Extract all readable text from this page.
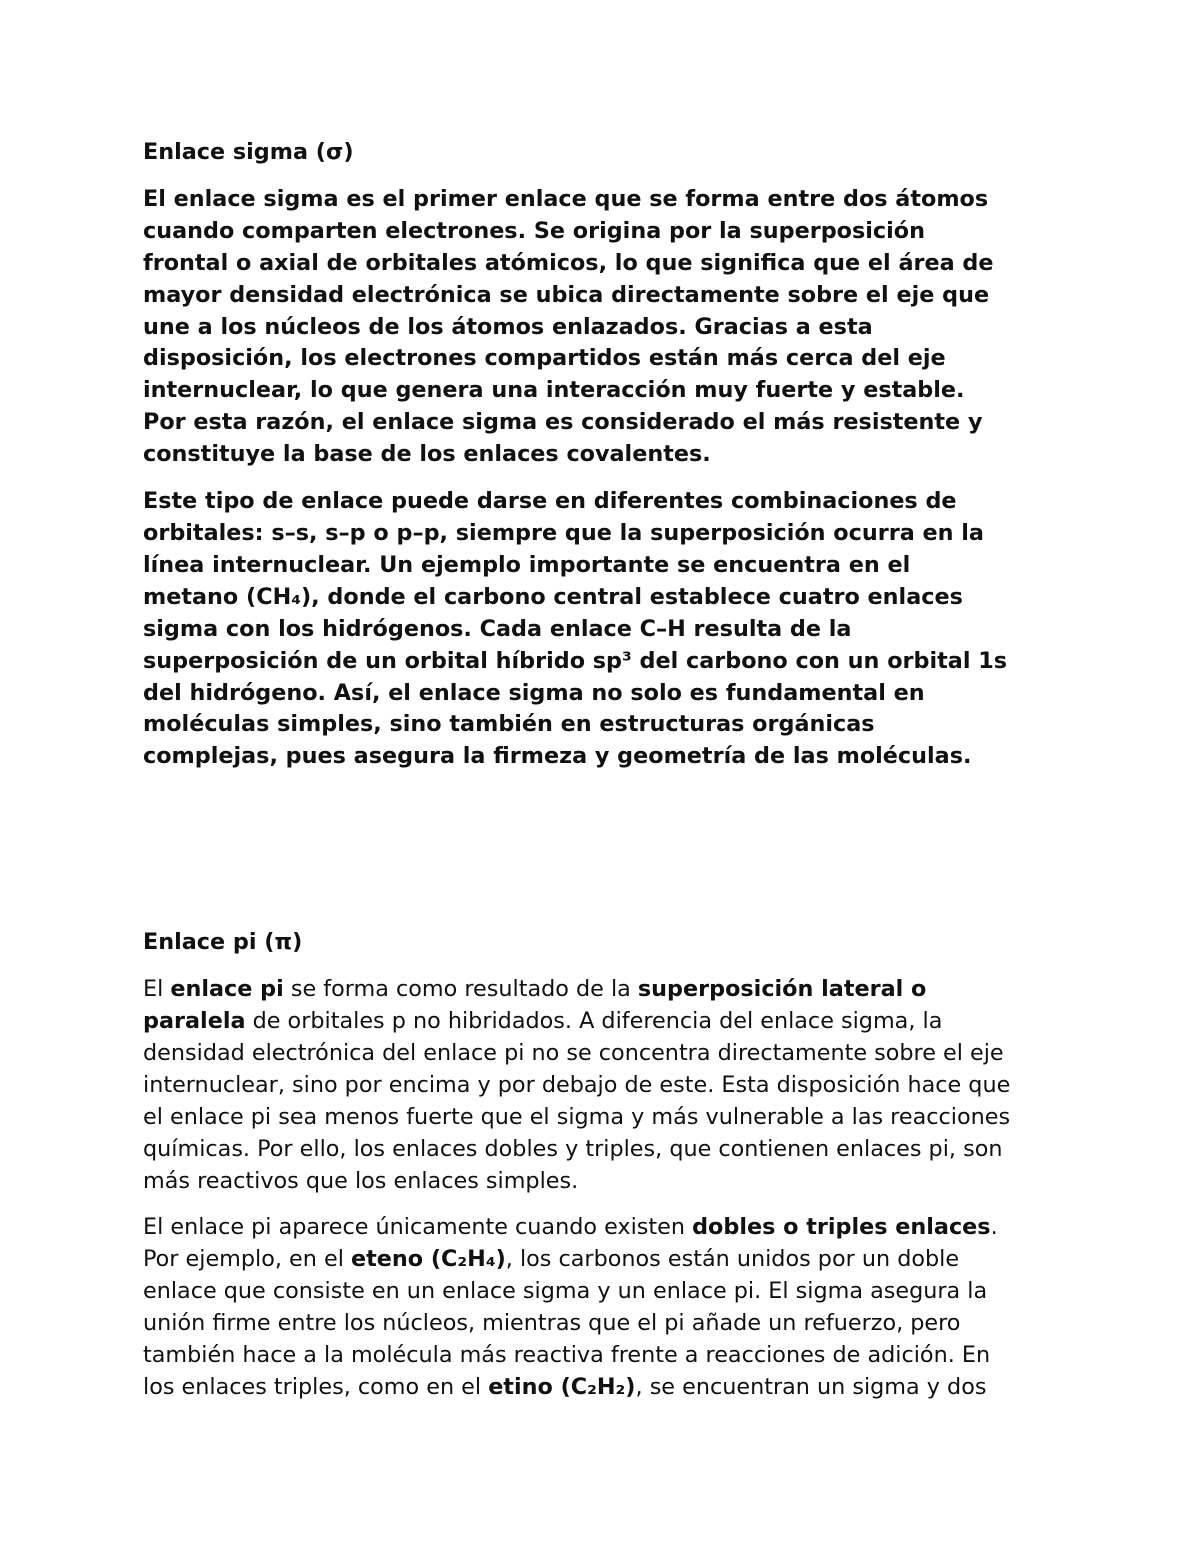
Enlace sigma (σ)
El enlace sigma es el primer enlace que se forma entre dos átomos
cuando comparten electrones. Se origina por la superposición
frontal o axial de orbitales atómicos, lo que significa que el área de
mayor densidad electrónica se ubica directamente sobre el eje que
une a los núcleos de los átomos enlazados. Gracias a esta
disposición, los electrones compartidos están más cerca del eje
internuclear, lo que genera una interacción muy fuerte y estable.
Por esta razón, el enlace sigma es considerado el más resistente y
constituye la base de los enlaces covalentes.
Este tipo de enlace puede darse en diferentes combinaciones de
orbitales: s–s, s–p o p–p, siempre que la superposición ocurra en la
línea internuclear. Un ejemplo importante se encuentra en el
metano (CH₄), donde el carbono central establece cuatro enlaces
sigma con los hidrógenos. Cada enlace C–H resulta de la
superposición de un orbital híbrido sp³ del carbono con un orbital 1s
del hidrógeno. Así, el enlace sigma no solo es fundamental en
moléculas simples, sino también en estructuras orgánicas
complejas, pues asegura la firmeza y geometría de las moléculas.
Enlace pi (π)
El enlace pi se forma como resultado de la superposición lateral o
paralela de orbitales p no hibridados. A diferencia del enlace sigma, la
densidad electrónica del enlace pi no se concentra directamente sobre el eje
internuclear, sino por encima y por debajo de este. Esta disposición hace que
el enlace pi sea menos fuerte que el sigma y más vulnerable a las reacciones
químicas. Por ello, los enlaces dobles y triples, que contienen enlaces pi, son
más reactivos que los enlaces simples.
El enlace pi aparece únicamente cuando existen dobles o triples enlaces.
Por ejemplo, en el eteno (C₂H₄), los carbonos están unidos por un doble
enlace que consiste en un enlace sigma y un enlace pi. El sigma asegura la
unión firme entre los núcleos, mientras que el pi añade un refuerzo, pero
también hace a la molécula más reactiva frente a reacciones de adición. En
los enlaces triples, como en el etino (C₂H₂), se encuentran un sigma y dos
